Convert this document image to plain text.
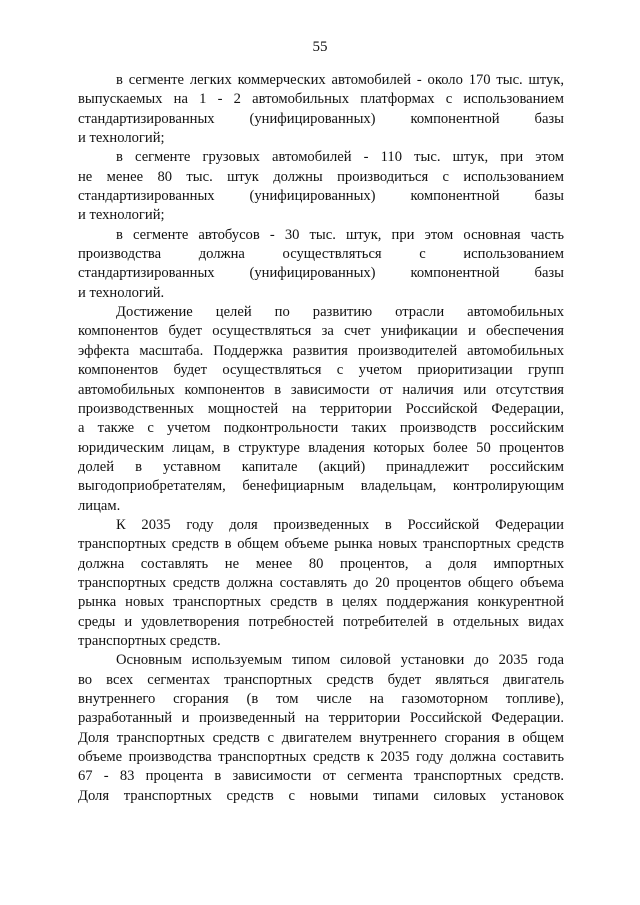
55
в сегменте легких коммерческих автомобилей - около 170 тыс. штук,
выпускаемых на 1 - 2 автомобильных платформах с использованием
стандартизированных (унифицированных) компонентной базы
и технологий;
в сегменте грузовых автомобилей - 110 тыс. штук, при этом
не менее 80 тыс. штук должны производиться с использованием
стандартизированных (унифицированных) компонентной базы
и технологий;
в сегменте автобусов - 30 тыс. штук, при этом основная часть
производства должна осуществляться с использованием
стандартизированных (унифицированных) компонентной базы
и технологий.
Достижение целей по развитию отрасли автомобильных
компонентов будет осуществляться за счет унификации и обеспечения
эффекта масштаба. Поддержка развития производителей автомобильных
компонентов будет осуществляться с учетом приоритизации групп
автомобильных компонентов в зависимости от наличия или отсутствия
производственных мощностей на территории Российской Федерации,
а также с учетом подконтрольности таких производств российским
юридическим лицам, в структуре владения которых более 50 процентов
долей в уставном капитале (акций) принадлежит российским
выгодоприобретателям, бенефициарным владельцам, контролирующим
лицам.
К 2035 году доля произведенных в Российской Федерации
транспортных средств в общем объеме рынка новых транспортных средств
должна составлять не менее 80 процентов, а доля импортных
транспортных средств должна составлять до 20 процентов общего объема
рынка новых транспортных средств в целях поддержания конкурентной
среды и удовлетворения потребностей потребителей в отдельных видах
транспортных средств.
Основным используемым типом силовой установки до 2035 года
во всех сегментах транспортных средств будет являться двигатель
внутреннего сгорания (в том числе на газомоторном топливе),
разработанный и произведенный на территории Российской Федерации.
Доля транспортных средств с двигателем внутреннего сгорания в общем
объеме производства транспортных средств к 2035 году должна составить
67 - 83 процента в зависимости от сегмента транспортных средств.
Доля транспортных средств с новыми типами силовых установок
